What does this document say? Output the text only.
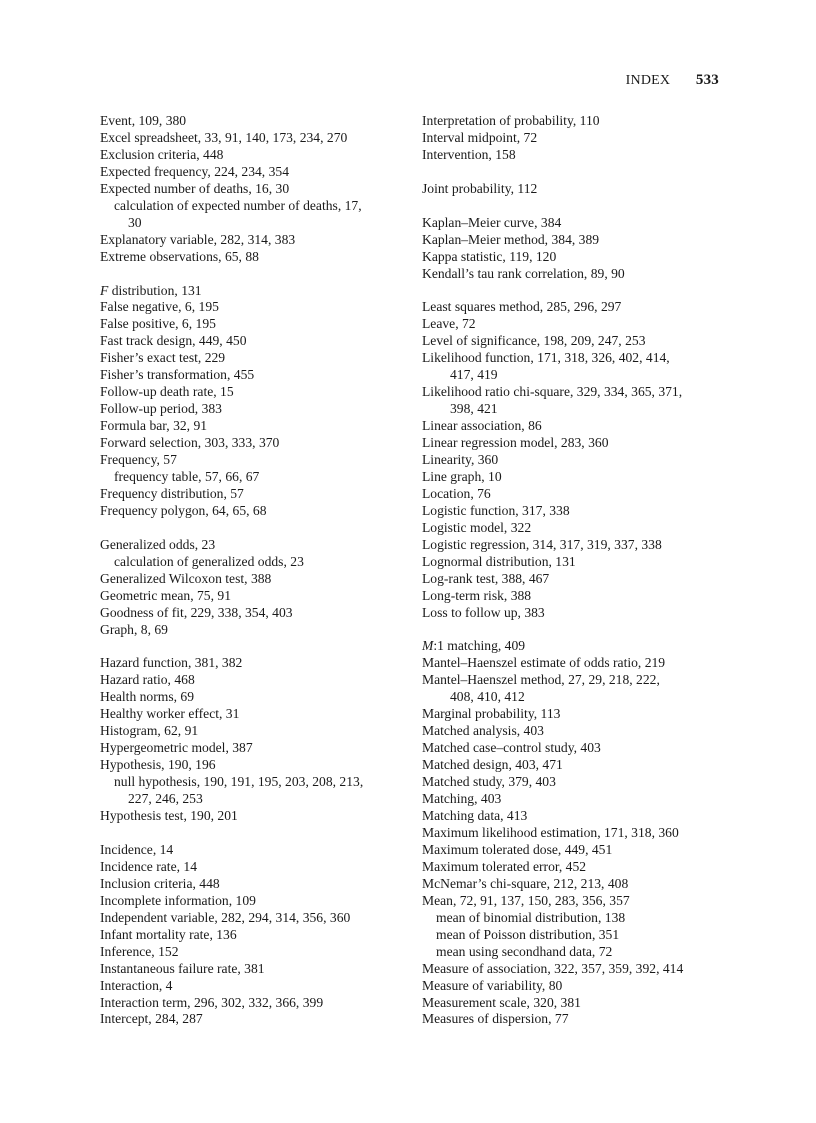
INDEX 533
Event, 109, 380
Excel spreadsheet, 33, 91, 140, 173, 234, 270
Exclusion criteria, 448
Expected frequency, 224, 234, 354
Expected number of deaths, 16, 30
calculation of expected number of deaths, 17,
30
Explanatory variable, 282, 314, 383
Extreme observations, 65, 88
F distribution, 131
False negative, 6, 195
False positive, 6, 195
Fast track design, 449, 450
Fisher’s exact test, 229
Fisher’s transformation, 455
Follow-up death rate, 15
Follow-up period, 383
Formula bar, 32, 91
Forward selection, 303, 333, 370
Frequency, 57
frequency table, 57, 66, 67
Frequency distribution, 57
Frequency polygon, 64, 65, 68
Generalized odds, 23
calculation of generalized odds, 23
Generalized Wilcoxon test, 388
Geometric mean, 75, 91
Goodness of fit, 229, 338, 354, 403
Graph, 8, 69
Hazard function, 381, 382
Hazard ratio, 468
Health norms, 69
Healthy worker effect, 31
Histogram, 62, 91
Hypergeometric model, 387
Hypothesis, 190, 196
null hypothesis, 190, 191, 195, 203, 208, 213,
227, 246, 253
Hypothesis test, 190, 201
Incidence, 14
Incidence rate, 14
Inclusion criteria, 448
Incomplete information, 109
Independent variable, 282, 294, 314, 356, 360
Infant mortality rate, 136
Inference, 152
Instantaneous failure rate, 381
Interaction, 4
Interaction term, 296, 302, 332, 366, 399
Intercept, 284, 287
Interpretation of probability, 110
Interval midpoint, 72
Intervention, 158
Joint probability, 112
Kaplan–Meier curve, 384
Kaplan–Meier method, 384, 389
Kappa statistic, 119, 120
Kendall’s tau rank correlation, 89, 90
Least squares method, 285, 296, 297
Leave, 72
Level of significance, 198, 209, 247, 253
Likelihood function, 171, 318, 326, 402, 414,
417, 419
Likelihood ratio chi-square, 329, 334, 365, 371,
398, 421
Linear association, 86
Linear regression model, 283, 360
Linearity, 360
Line graph, 10
Location, 76
Logistic function, 317, 338
Logistic model, 322
Logistic regression, 314, 317, 319, 337, 338
Lognormal distribution, 131
Log-rank test, 388, 467
Long-term risk, 388
Loss to follow up, 383
M:1 matching, 409
Mantel–Haenszel estimate of odds ratio, 219
Mantel–Haenszel method, 27, 29, 218, 222,
408, 410, 412
Marginal probability, 113
Matched analysis, 403
Matched case–control study, 403
Matched design, 403, 471
Matched study, 379, 403
Matching, 403
Matching data, 413
Maximum likelihood estimation, 171, 318, 360
Maximum tolerated dose, 449, 451
Maximum tolerated error, 452
McNemar’s chi-square, 212, 213, 408
Mean, 72, 91, 137, 150, 283, 356, 357
mean of binomial distribution, 138
mean of Poisson distribution, 351
mean using secondhand data, 72
Measure of association, 322, 357, 359, 392, 414
Measure of variability, 80
Measurement scale, 320, 381
Measures of dispersion, 77
